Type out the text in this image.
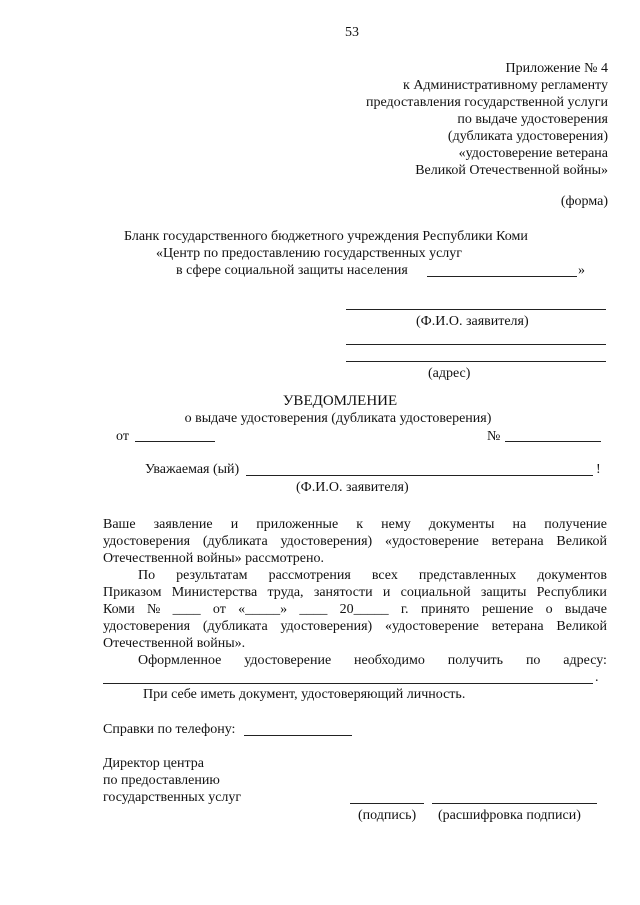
53
Приложение № 4
к Административному регламенту
предоставления государственной услуги
по выдаче удостоверения
(дубликата удостоверения)
«удостоверение ветерана
Великой Отечественной войны»
(форма)
Бланк государственного бюджетного учреждения Республики Коми
«Центр по предоставлению государственных услуг
в сфере социальной защиты населения	»
(Ф.И.О. заявителя)
(адрес)
УВЕДОМЛЕНИЕ
о выдаче удостоверения (дубликата удостоверения)
от	№
Уважаемая (ый)	!
(Ф.И.О. заявителя)
Ваше заявление и приложенные к нему документы на получение
удостоверения (дубликата удостоверения) «удостоверение ветерана Великой
Отечественной войны» рассмотрено.
По результатам рассмотрения всех представленных документов
Приказом Министерства труда, занятости и социальной защиты Республики
Коми № ____ от «_____» ____ 20_____ г. принято решение о выдаче
удостоверения (дубликата удостоверения) «удостоверение ветерана Великой
Отечественной войны».
Оформленное удостоверение необходимо получить по адресу:
.
При себе иметь документ, удостоверяющий личность.
Справки по телефону:
Директор центра
по предоставлению
государственных услуг
(подпись) (расшифровка подписи)
